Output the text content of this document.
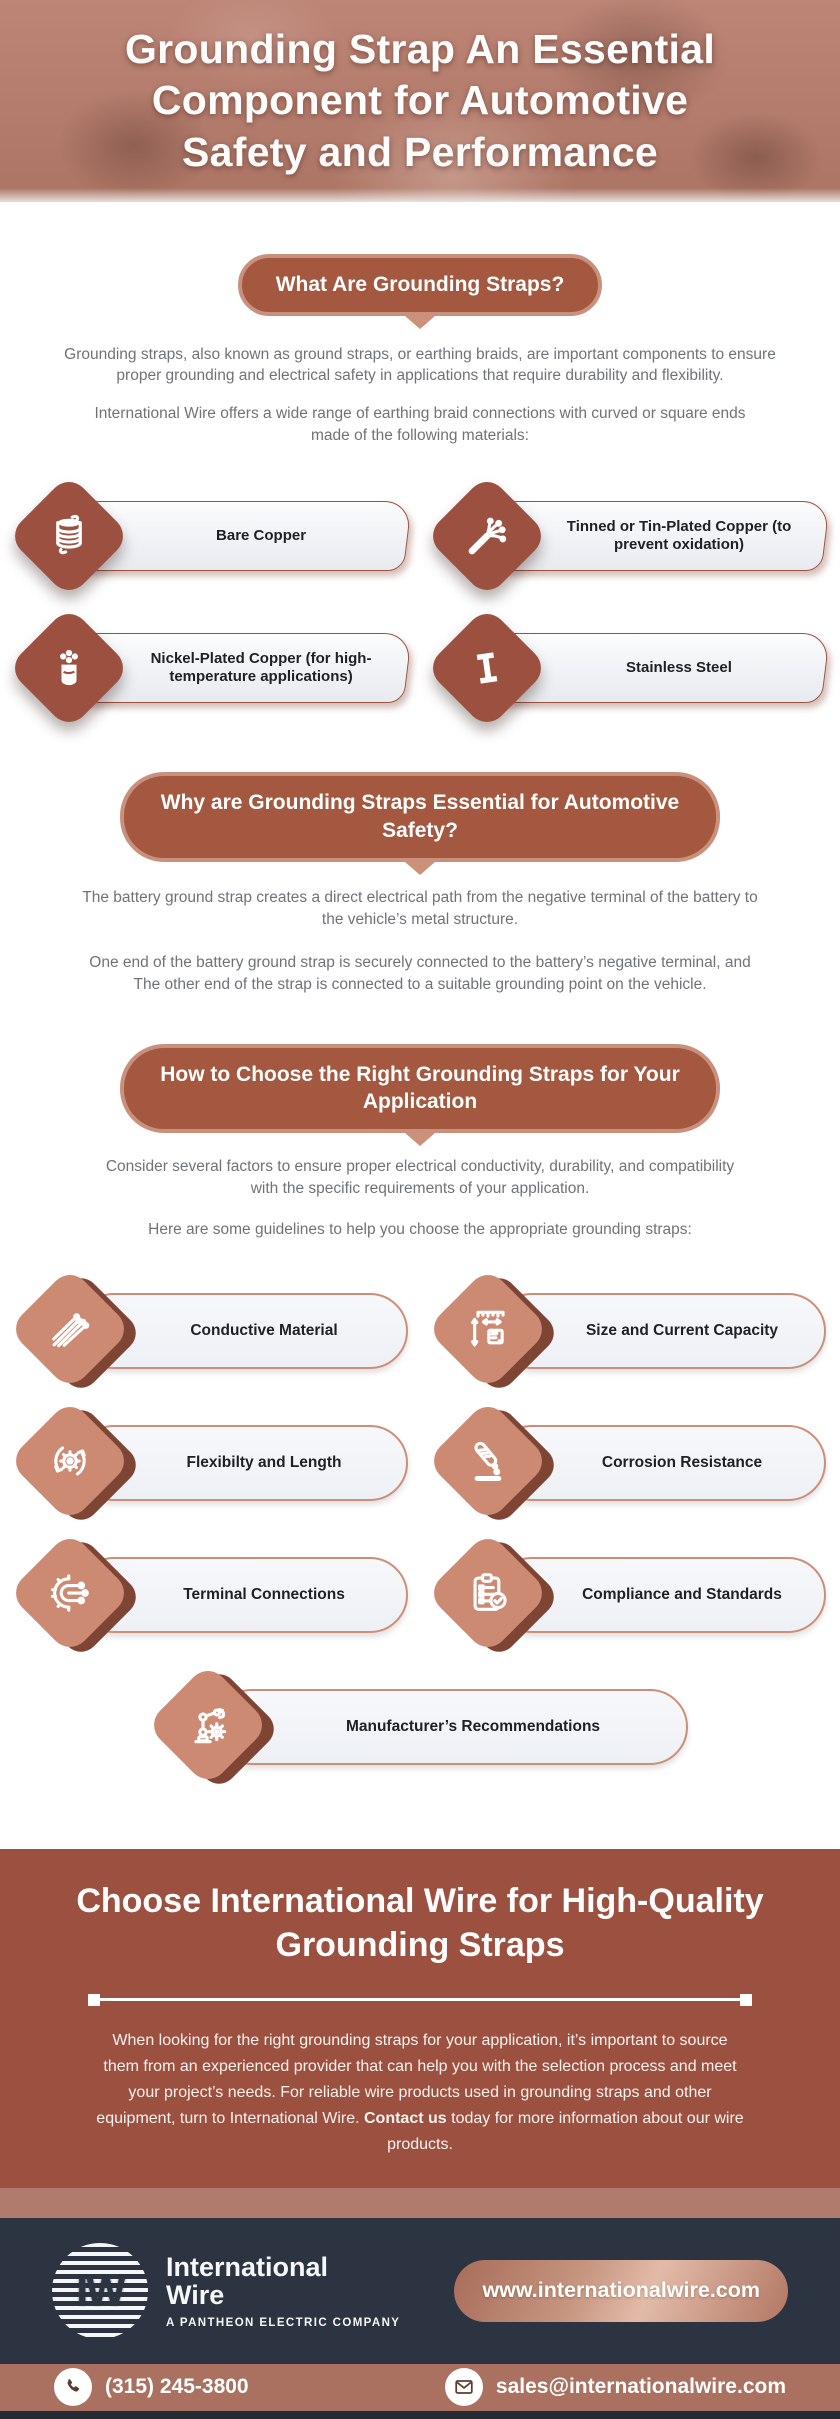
Grounding Strap An Essential Component for Automotive Safety and Performance
What Are Grounding Straps?

Grounding straps, also known as ground straps, or earthing braids, are important components to ensure proper grounding and electrical safety in applications that require durability and flexibility.

International Wire offers a wide range of earthing braid connections with curved or square ends made of the following materials:

Bare Copper
Tinned or Tin-Plated Copper (to prevent oxidation)
Nickel-Plated Copper (for high-temperature applications)
Stainless Steel
Why are Grounding Straps Essential for Automotive Safety?

The battery ground strap creates a direct electrical path from the negative terminal of the battery to the vehicle’s metal structure.

One end of the battery ground strap is securely connected to the battery’s negative terminal, and The other end of the strap is connected to a suitable grounding point on the vehicle.

How to Choose the Right Grounding Straps for Your Application

Consider several factors to ensure proper electrical conductivity, durability, and compatibility with the specific requirements of your application.

Here are some guidelines to help you choose the appropriate grounding straps:

Conductive Material	Size and Current Capacity
Flexibilty and Length	Corrosion Resistance
Terminal Connections	Compliance and Standards
Manufacturer’s Recommendations
Choose International Wire for High-Quality Grounding Straps

When looking for the right grounding straps for your application, it’s important to source them from an experienced provider that can help you with the selection process and meet your project’s needs. For reliable wire products used in grounding straps and other equipment, turn to International Wire. Contact us today for more information about our wire products.

IW International
Wire
A PANTHEON ELECTRIC COMPANY
www.internationalwire.com
(315) 245-3800	sales@internationalwire.com
